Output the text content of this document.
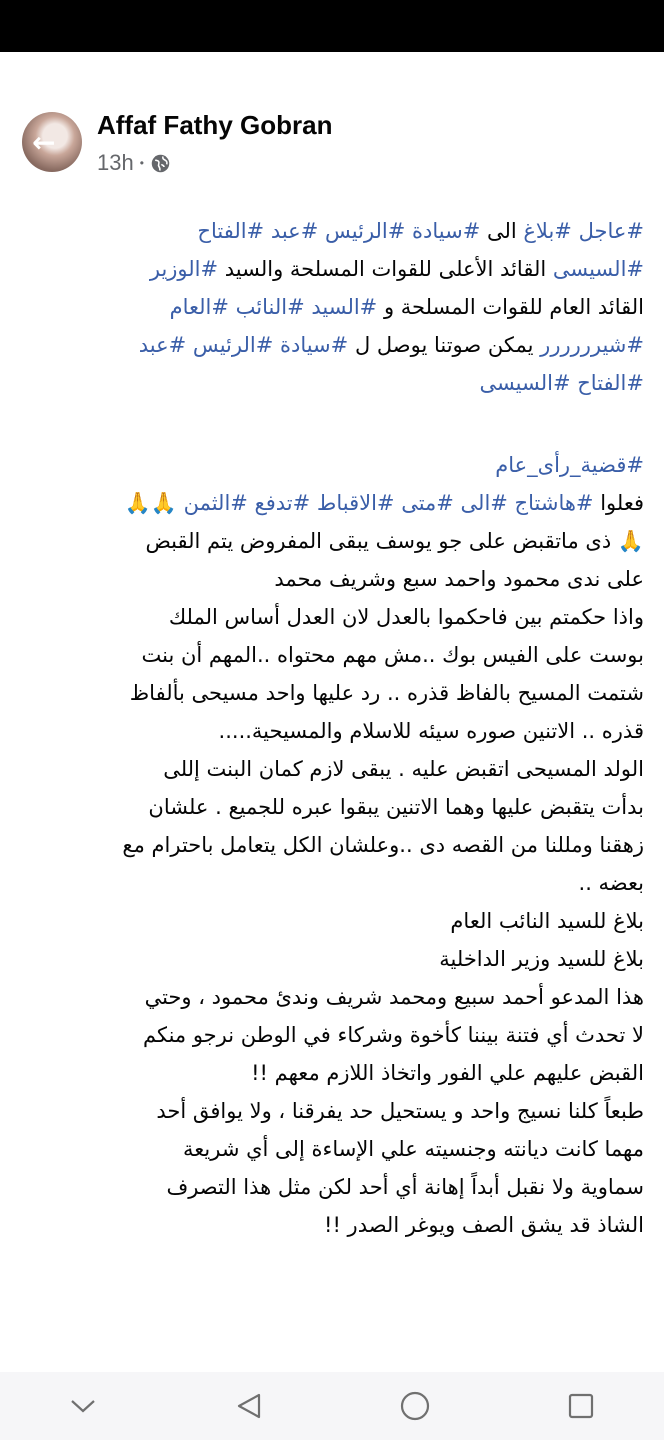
←
Affaf Fathy Gobran
13h •
#عاجل #بلاغ الى #سيادة #الرئيس #عبد #الفتاح
#السيسى القائد الأعلى للقوات المسلحة والسيد #الوزير
القائد العام للقوات المسلحة و #السيد #النائب #العام
#شيرررررر يمكن صوتنا يوصل ل #سيادة #الرئيس #عبد
#الفتاح #السيسى
#قضية_رأى_عام
فعلوا #هاشتاج #الى #متى #الاقباط #تدفع #الثمن 🙏🙏
🙏 ذى ماتقبض على جو يوسف يبقى المفروض يتم القبض
على ندى محمود واحمد سبع وشريف محمد
واذا حكمتم بين فاحكموا بالعدل لان العدل أساس الملك
بوست على الفيس بوك ..مش مهم محتواه ..المهم أن بنت
شتمت المسيح بالفاظ قذره .. رد عليها واحد مسيحى بألفاظ
قذره .. الاتنين صوره سيئه للاسلام والمسيحية.....
الولد المسيحى اتقبض عليه . يبقى لازم كمان البنت إللى
بدأت يتقبض عليها وهما الاتنين يبقوا عبره للجميع . علشان
زهقنا ومللنا من القصه دى ..وعلشان الكل يتعامل باحترام مع
بعضه ..
بلاغ للسيد النائب العام
بلاغ للسيد وزير الداخلية
هذا المدعو أحمد سبيع ومحمد شريف وندئ محمود ، وحتي
لا تحدث أي فتنة بيننا كأخوة وشركاء في الوطن نرجو منكم
القبض عليهم علي الفور واتخاذ اللازم معهم !!
طبعاً كلنا نسيج واحد و يستحيل حد يفرقنا ، ولا يوافق أحد
مهما كانت ديانته وجنسيته علي الإساءة إلى أي شريعة
سماوية ولا نقبل أبداً إهانة أي أحد لكن مثل هذا التصرف
الشاذ قد يشق الصف ويوغر الصدر !!
